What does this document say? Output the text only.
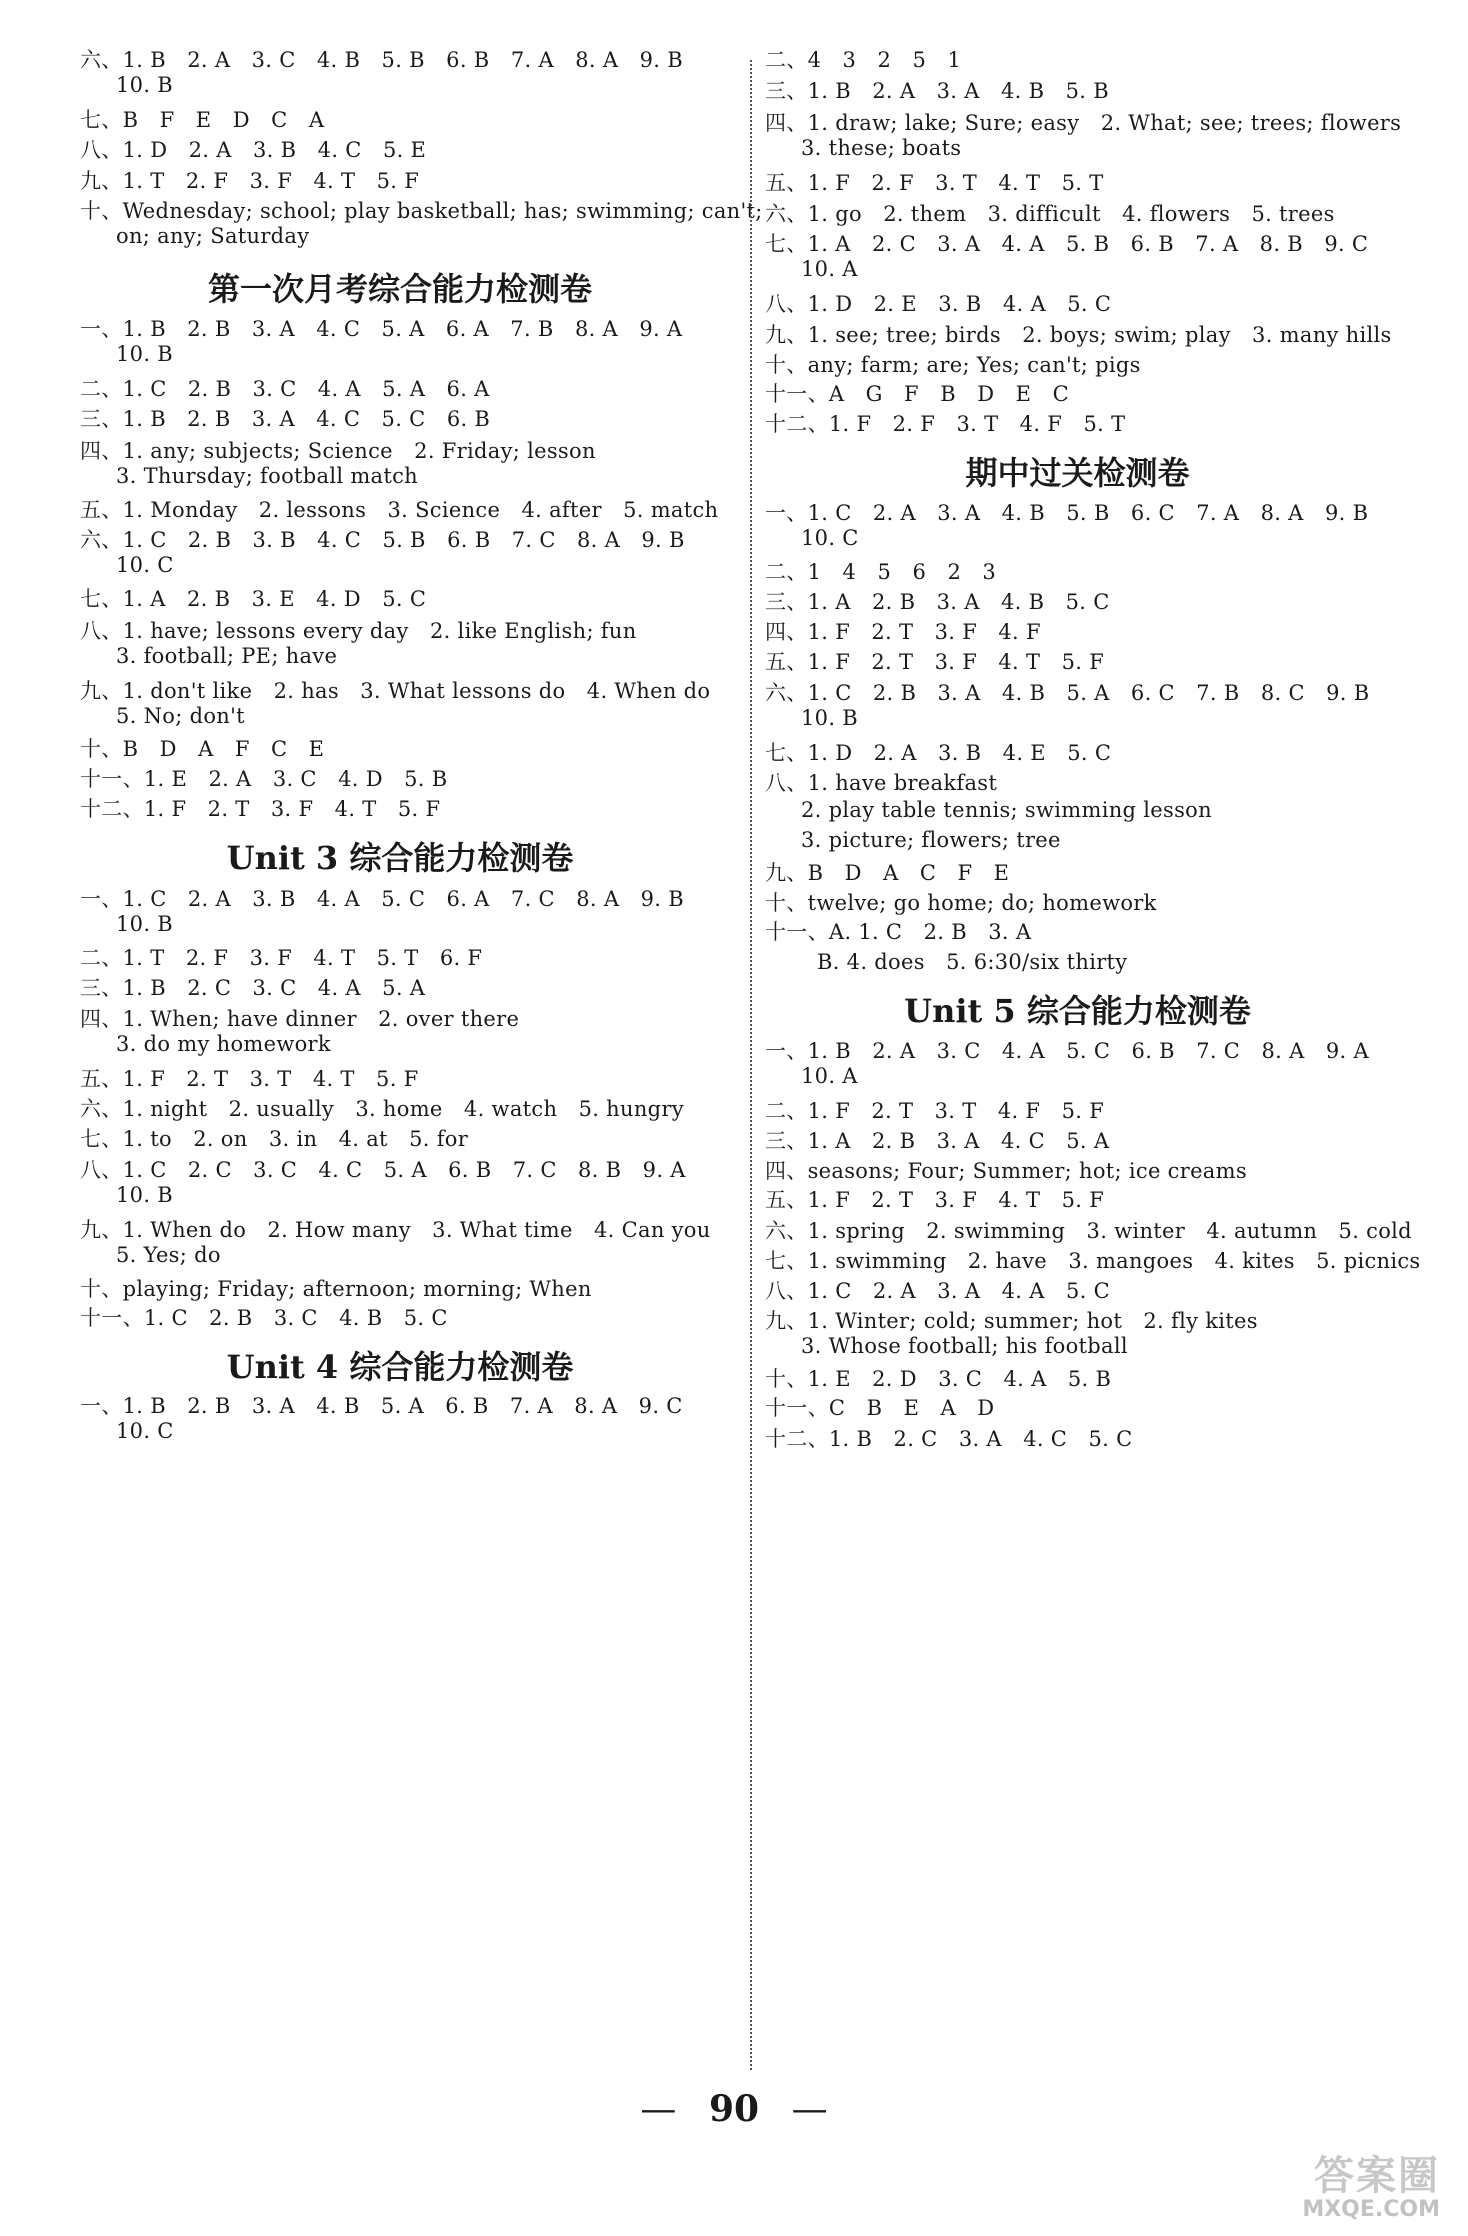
六、1. B　2. A　3. C　4. B　5. B　6. B　7. A　8. A　9. B
10. B
七、B　F　E　D　C　A
八、1. D　2. A　3. B　4. C　5. E
九、1. T　2. F　3. F　4. T　5. F
十、Wednesday; school; play basketball; has; swimming; can't;
on; any; Saturday
第一次月考综合能力检测卷
一、1. B　2. B　3. A　4. C　5. A　6. A　7. B　8. A　9. A
10. B
二、1. C　2. B　3. C　4. A　5. A　6. A
三、1. B　2. B　3. A　4. C　5. C　6. B
四、1. any; subjects; Science　2. Friday; lesson
3. Thursday; football match
五、1. Monday　2. lessons　3. Science　4. after　5. match
六、1. C　2. B　3. B　4. C　5. B　6. B　7. C　8. A　9. B
10. C
七、1. A　2. B　3. E　4. D　5. C
八、1. have; lessons every day　2. like English; fun
3. football; PE; have
九、1. don't like　2. has　3. What lessons do　4. When do
5. No; don't
十、B　D　A　F　C　E
十一、1. E　2. A　3. C　4. D　5. B
十二、1. F　2. T　3. F　4. T　5. F
Unit 3 综合能力检测卷
一、1. C　2. A　3. B　4. A　5. C　6. A　7. C　8. A　9. B
10. B
二、1. T　2. F　3. F　4. T　5. T　6. F
三、1. B　2. C　3. C　4. A　5. A
四、1. When; have dinner　2. over there
3. do my homework
五、1. F　2. T　3. T　4. T　5. F
六、1. night　2. usually　3. home　4. watch　5. hungry
七、1. to　2. on　3. in　4. at　5. for
八、1. C　2. C　3. C　4. C　5. A　6. B　7. C　8. B　9. A
10. B
九、1. When do　2. How many　3. What time　4. Can you
5. Yes; do
十、playing; Friday; afternoon; morning; When
十一、1. C　2. B　3. C　4. B　5. C
Unit 4 综合能力检测卷
一、1. B　2. B　3. A　4. B　5. A　6. B　7. A　8. A　9. C
10. C
二、4　3　2　5　1
三、1. B　2. A　3. A　4. B　5. B
四、1. draw; lake; Sure; easy　2. What; see; trees; flowers
3. these; boats
五、1. F　2. F　3. T　4. T　5. T
六、1. go　2. them　3. difficult　4. flowers　5. trees
七、1. A　2. C　3. A　4. A　5. B　6. B　7. A　8. B　9. C
10. A
八、1. D　2. E　3. B　4. A　5. C
九、1. see; tree; birds　2. boys; swim; play　3. many hills
十、any; farm; are; Yes; can't; pigs
十一、A　G　F　B　D　E　C
十二、1. F　2. F　3. T　4. F　5. T
期中过关检测卷
一、1. C　2. A　3. A　4. B　5. B　6. C　7. A　8. A　9. B
10. C
二、1　4　5　6　2　3
三、1. A　2. B　3. A　4. B　5. C
四、1. F　2. T　3. F　4. F
五、1. F　2. T　3. F　4. T　5. F
六、1. C　2. B　3. A　4. B　5. A　6. C　7. B　8. C　9. B
10. B
七、1. D　2. A　3. B　4. E　5. C
八、1. have breakfast
2. play table tennis; swimming lesson
3. picture; flowers; tree
九、B　D　A　C　F　E
十、twelve; go home; do; homework
十一、A. 1. C　2. B　3. A
B. 4. does　5. 6:30/six thirty
Unit 5 综合能力检测卷
一、1. B　2. A　3. C　4. A　5. C　6. B　7. C　8. A　9. A
10. A
二、1. F　2. T　3. T　4. F　5. F
三、1. A　2. B　3. A　4. C　5. A
四、seasons; Four; Summer; hot; ice creams
五、1. F　2. T　3. F　4. T　5. F
六、1. spring　2. swimming　3. winter　4. autumn　5. cold
七、1. swimming　2. have　3. mangoes　4. kites　5. picnics
八、1. C　2. A　3. A　4. A　5. C
九、1. Winter; cold; summer; hot　2. fly kites
3. Whose football; his football
十、1. E　2. D　3. C　4. A　5. B
十一、C　B　E　A　D
十二、1. B　2. C　3. A　4. C　5. C
— 90 —
答案圈
MXQE.COM
